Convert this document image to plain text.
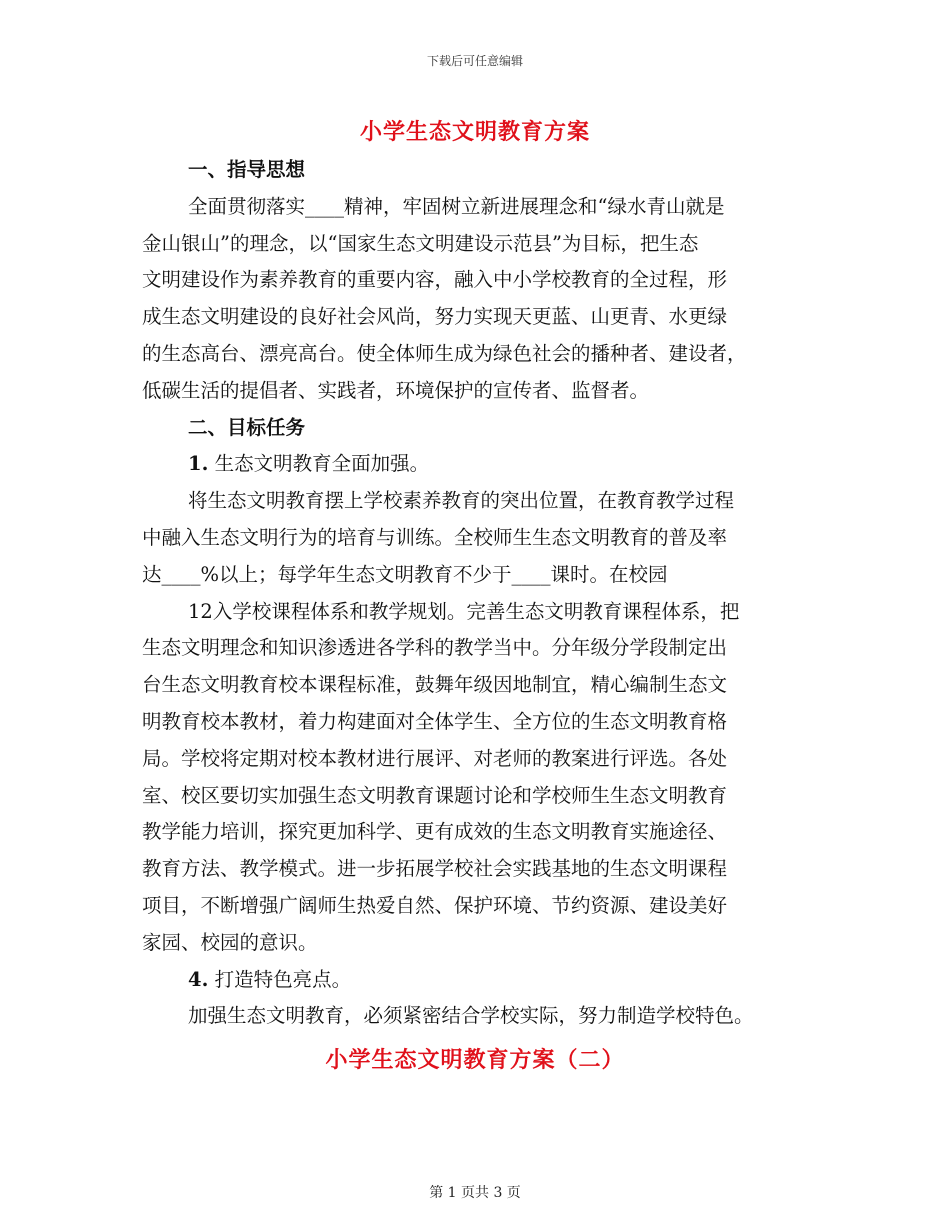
下载后可任意编辑
小学生态文明教育方案
一、指导思想
全面贯彻落实____精神，牢固树立新进展理念和“绿水青山就是
金山银山”的理念，以“国家生态文明建设示范县”为目标，把生态
文明建设作为素养教育的重要内容，融入中小学校教育的全过程，形
成生态文明建设的良好社会风尚，努力实现天更蓝、山更青、水更绿
的生态高台、漂亮高台。使全体师生成为绿色社会的播种者、建设者，
低碳生活的提倡者、实践者，环境保护的宣传者、监督者。
二、目标任务
1. 生态文明教育全面加强。
将生态文明教育摆上学校素养教育的突出位置，在教育教学过程
中融入生态文明行为的培育与训练。全校师生生态文明教育的普及率
达____%以上；每学年生态文明教育不少于____课时。在校园
12入学校课程体系和教学规划。完善生态文明教育课程体系，把
生态文明理念和知识渗透进各学科的教学当中。分年级分学段制定出
台生态文明教育校本课程标准，鼓舞年级因地制宜，精心编制生态文
明教育校本教材，着力构建面对全体学生、全方位的生态文明教育格
局。学校将定期对校本教材进行展评、对老师的教案进行评选。各处
室、校区要切实加强生态文明教育课题讨论和学校师生生态文明教育
教学能力培训，探究更加科学、更有成效的生态文明教育实施途径、
教育方法、教学模式。进一步拓展学校社会实践基地的生态文明课程
项目，不断增强广阔师生热爱自然、保护环境、节约资源、建设美好
家园、校园的意识。
4. 打造特色亮点。
加强生态文明教育，必须紧密结合学校实际，努力制造学校特色。
小学生态文明教育方案（二）
第 1 页共 3 页
